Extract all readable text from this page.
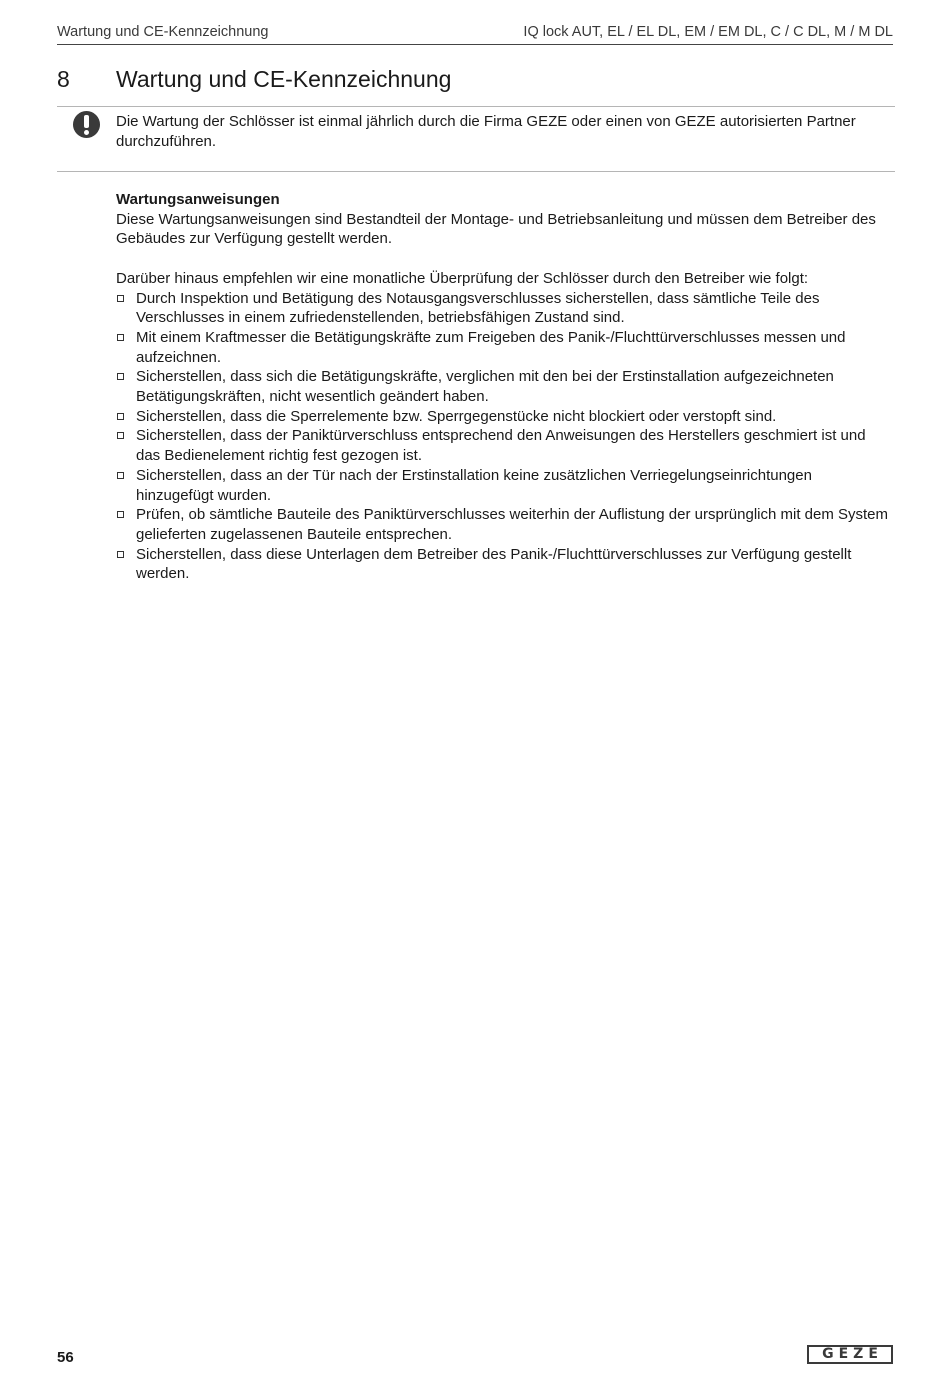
Wartung und CE-Kennzeichnung	IQ lock AUT, EL / EL DL, EM / EM DL, C / C DL, M / M DL
8 Wartung und CE-Kennzeichnung
Die Wartung der Schlösser ist einmal jährlich durch die Firma GEZE oder einen von GEZE autorisierten Partner durchzuführen.
Wartungsanweisungen

Diese Wartungsanweisungen sind Bestandteil der Montage- und Betriebsanleitung und müssen dem Betreiber des Gebäudes zur Verfügung gestellt werden.

Darüber hinaus empfehlen wir eine monatliche Überprüfung der Schlösser durch den Betreiber wie folgt:

Durch Inspektion und Betätigung des Notausgangsverschlusses sicherstellen, dass sämtliche Teile des Verschlusses in einem zufriedenstellenden, betriebsfähigen Zustand sind.
Mit einem Kraftmesser die Betätigungskräfte zum Freigeben des Panik-/Fluchttürverschlusses messen und aufzeichnen.
Sicherstellen, dass sich die Betätigungskräfte, verglichen mit den bei der Erstinstallation aufgezeichneten Betätigungskräften, nicht wesentlich geändert haben.
Sicherstellen, dass die Sperrelemente bzw. Sperrgegenstücke nicht blockiert oder verstopft sind.
Sicherstellen, dass der Paniktürverschluss entsprechend den Anweisungen des Herstellers geschmiert ist und das Bedienelement richtig fest gezogen ist.
Sicherstellen, dass an der Tür nach der Erstinstallation keine zusätzlichen Verriegelungseinrichtungen hinzugefügt wurden.
Prüfen, ob sämtliche Bauteile des Paniktürverschlusses weiterhin der Auflistung der ursprünglich mit dem System gelieferten zugelassenen Bauteile entsprechen.
Sicherstellen, dass diese Unterlagen dem Betreiber des Panik-/Fluchttürverschlusses zur Verfügung gestellt werden.
56	GEZE
